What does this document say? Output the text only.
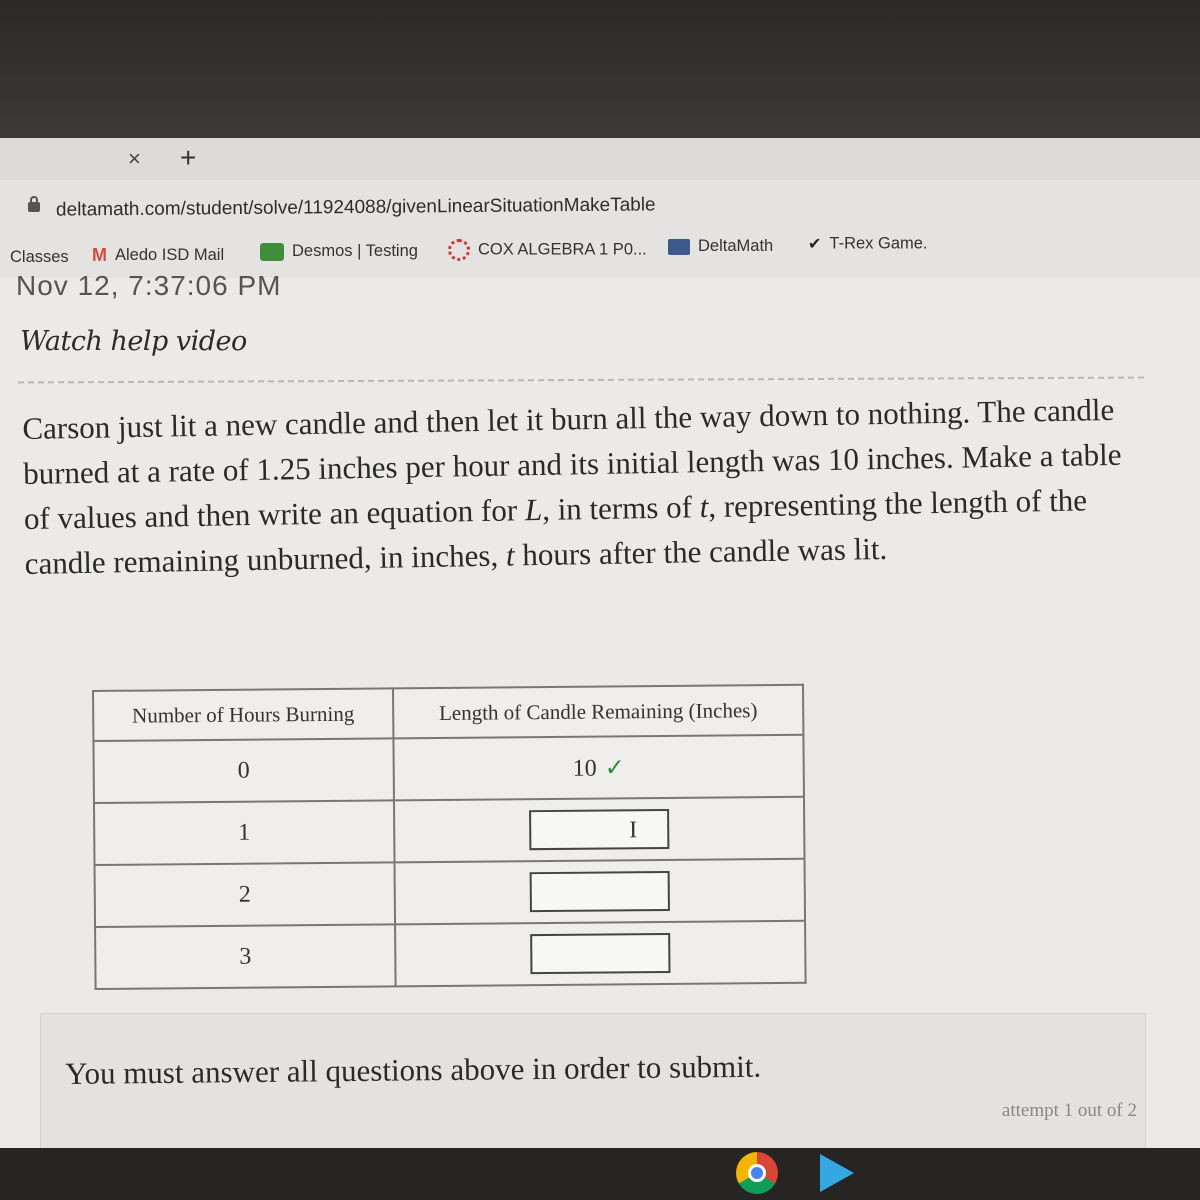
× +
deltamath.com/student/solve/11924088/givenLinearSituationMakeTable
Classes M Aledo ISD Mail	Desmos | Testing	COX ALGEBRA 1 P0...	DeltaMath ✔ T-Rex Game.
Nov 12, 7:37:06 PM
Watch help video
Carson just lit a new candle and then let it burn all the way down to nothing. The candle burned at a rate of 1.25 inches per hour and its initial length was 10 inches. Make a table of values and then write an equation for L, in terms of t, representing the length of the candle remaining unburned, in inches, t hours after the candle was lit.
Number of Hours Burning	Length of Candle Remaining (Inches)
0	10 ✓
1	I

2	
3	
You must answer all questions above in order to submit.
attempt 1 out of 2
